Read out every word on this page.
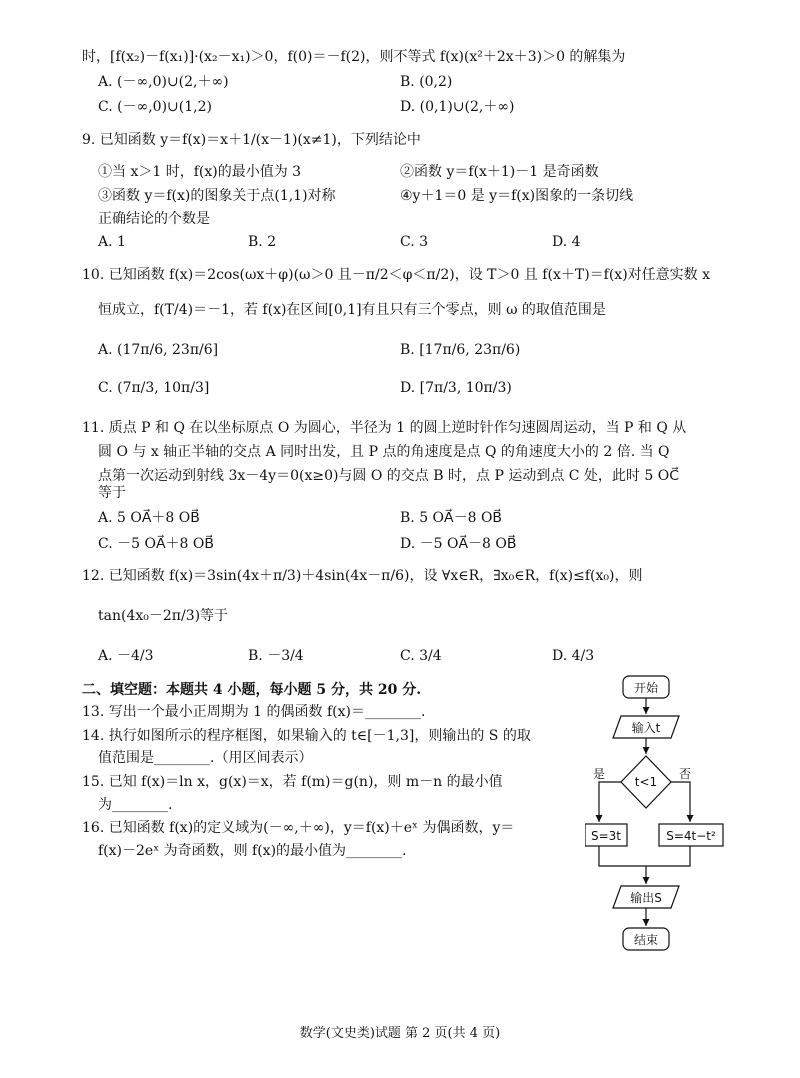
时，[f(x₂)－f(x₁)]·(x₂－x₁)＞0，f(0)＝－f(2)，则不等式 f(x)(x²＋2x＋3)＞0 的解集为
A. (－∞,0)∪(2,＋∞)	B. (0,2)
C. (－∞,0)∪(1,2)	D. (0,1)∪(2,＋∞)
9. 已知函数 y＝f(x)＝x＋1/(x－1)(x≠1)，下列结论中
①当 x＞1 时，f(x)的最小值为 3	②函数 y＝f(x＋1)－1 是奇函数
③函数 y＝f(x)的图象关于点(1,1)对称	④y＋1＝0 是 y＝f(x)图象的一条切线
正确结论的个数是
A. 1	B. 2	C. 3	D. 4
10. 已知函数 f(x)＝2cos(ωx＋φ)(ω＞0 且－π/2＜φ＜π/2)，设 T＞0 且 f(x＋T)＝f(x)对任意实数 x
恒成立，f(T/4)＝－1，若 f(x)在区间[0,1]有且只有三个零点，则 ω 的取值范围是
A. (17π/6, 23π/6]	B. [17π/6, 23π/6)
C. (7π/3, 10π/3]	D. [7π/3, 10π/3)
11. 质点 P 和 Q 在以坐标原点 O 为圆心，半径为 1 的圆上逆时针作匀速圆周运动，当 P 和 Q 从
圆 O 与 x 轴正半轴的交点 A 同时出发，且 P 点的角速度是点 Q 的角速度大小的 2 倍. 当 Q
点第一次运动到射线 3x－4y＝0(x≥0)与圆 O 的交点 B 时，点 P 运动到点 C 处，此时 5 OC⃗
等于
A. 5 OA⃗＋8 OB⃗	B. 5 OA⃗－8 OB⃗
C. －5 OA⃗＋8 OB⃗	D. －5 OA⃗－8 OB⃗
12. 已知函数 f(x)＝3sin(4x＋π/3)＋4sin(4x－π/6)，设 ∀x∈R，∃x₀∈R，f(x)≤f(x₀)，则
tan(4x₀－2π/3)等于
A. －4/3	B. －3/4	C. 3/4	D. 4/3
二、填空题：本题共 4 小题，每小题 5 分，共 20 分.
13. 写出一个最小正周期为 1 的偶函数 f(x)＝________.
14. 执行如图所示的程序框图，如果输入的 t∈[－1,3]，则输出的 S 的取
值范围是________.（用区间表示）
15. 已知 f(x)＝ln x，g(x)＝x，若 f(m)＝g(n)，则 m－n 的最小值
为________.
16. 已知函数 f(x)的定义域为(－∞,＋∞)，y＝f(x)＋eˣ 为偶函数，y＝
f(x)－2eˣ 为奇函数，则 f(x)的最小值为________.
开始
输入t
t<1
是	否
S=3t	S=4t−t²
输出S
结束
数学(文史类)试题 第 2 页(共 4 页)
